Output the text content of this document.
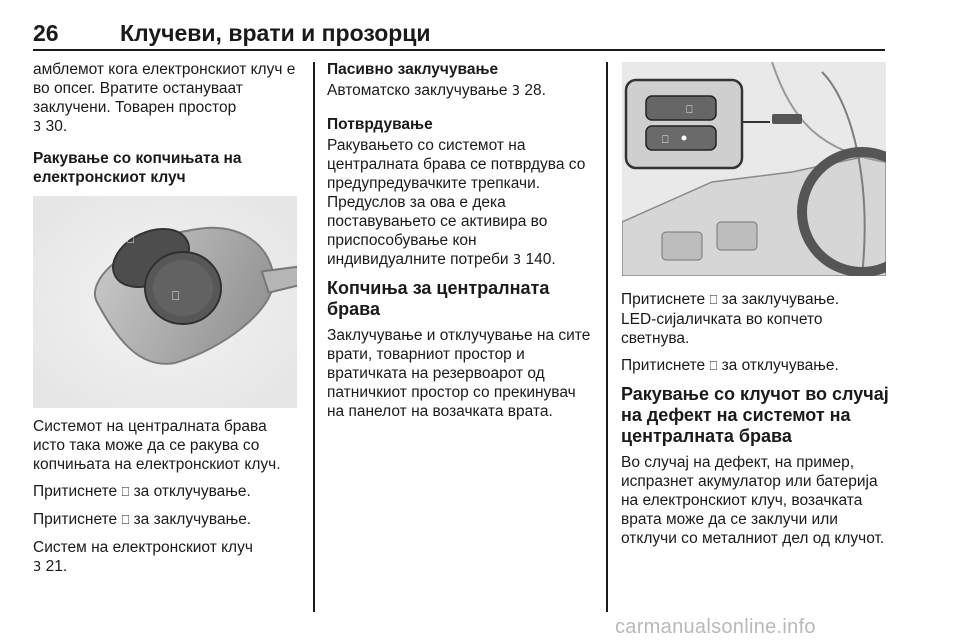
26	Клучеви, врати и прозорци

амблемот кога електронскиот клуч е во опсег. Вратите остануваат заклучени. Товарен простор
3 30.

Ракување со копчињата на електронскиот клуч

Системот на централната брава исто така може да се ракува со копчињата на електронскиот клуч.

Притиснете ⎕ за отклучување.

Притиснете ⎕ за заклучување.

Систем на електронскиот клуч
3 21.

⎕
⎕

Пасивно заклучување

Автоматско заклучување 3 28.

Потврдување

Ракувањето со системот на централната брава се потврдува со предупредувачките трепкачи. Предуслов за ова е дека поставувањето се активира во приспособување кон индивидуалните потреби 3 140.

Копчиња за централната брава

Заклучување и отклучување на сите врати, товарниот простор и вратичката на резервоарот од патничкиот простор со прекинувач на панелот на возачката врата.

⎕
⎕

Притиснете ⎕ за заклучување.
LED-сијаличката во копчето светнува.

Притиснете ⎕ за отклучување.

Ракување со клучот во случај на дефект на системот на централната брава

Во случај на дефект, на пример, испразнет акумулатор или батерија на електронскиот клуч, возачката врата може да се заклучи или отклучи со металниот дел од клучот.

carmanualsonline.info
